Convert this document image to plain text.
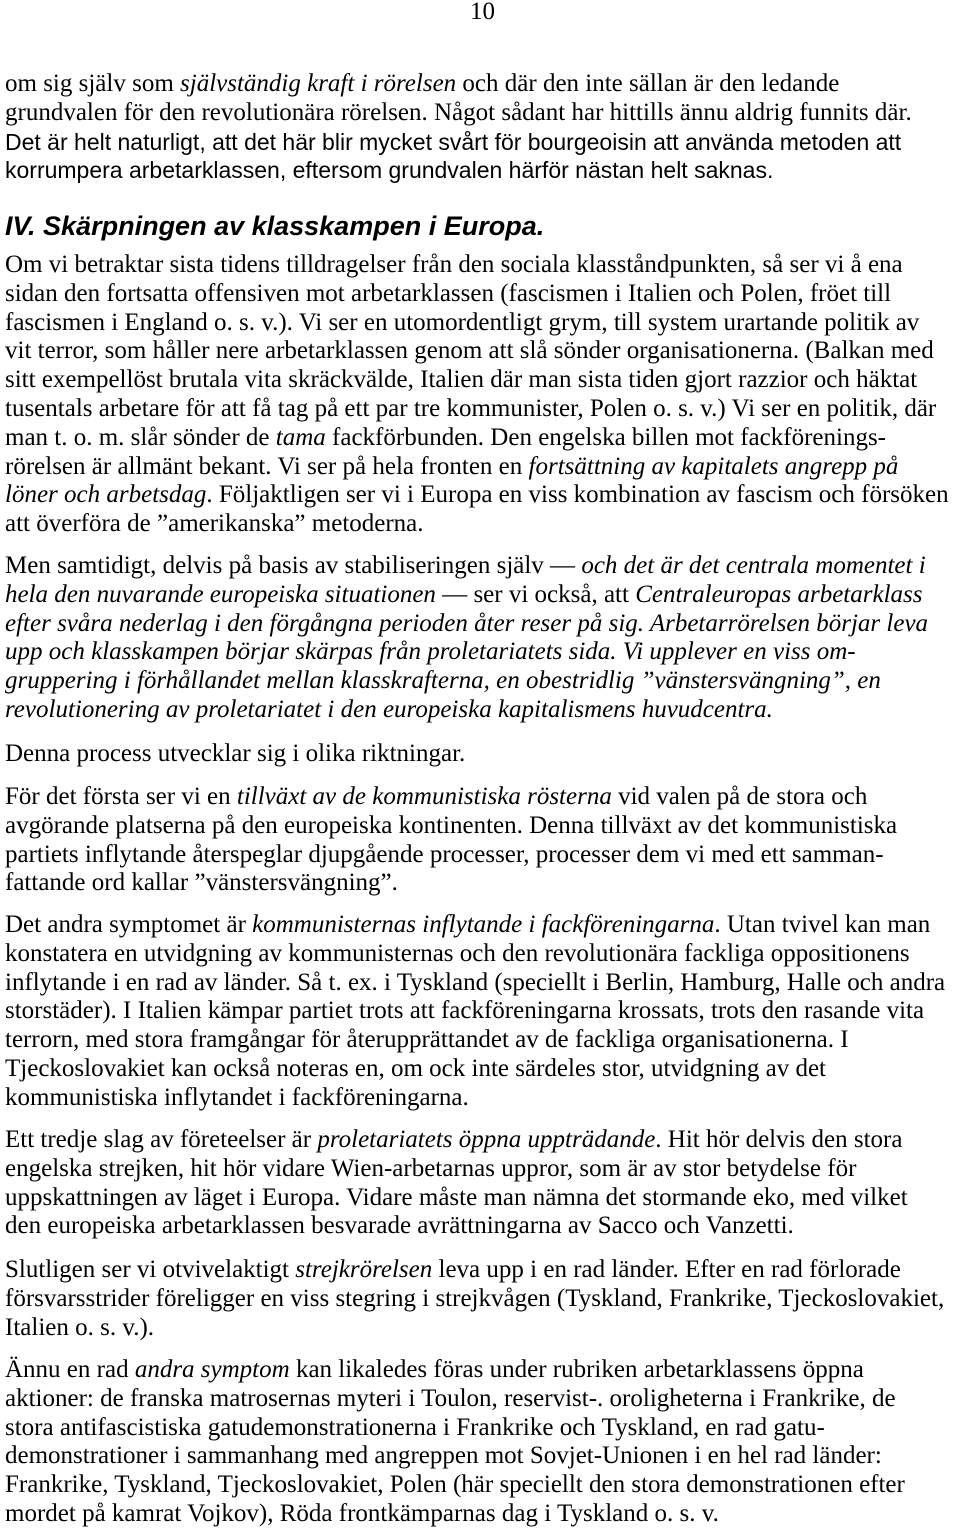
10
om sig själv som självständig kraft i rörelsen och där den inte sällan är den ledande
grundvalen för den revolutionära rörelsen. Något sådant har hittills ännu aldrig funnits där.
Det är helt naturligt, att det här blir mycket svårt för bourgeoisin att använda metoden att
korrumpera arbetarklassen, eftersom grundvalen härför nästan helt saknas.
IV. Skärpningen av klasskampen i Europa.
Om vi betraktar sista tidens tilldragelser från den sociala klasståndpunkten, så ser vi å ena
sidan den fortsatta offensiven mot arbetarklassen (fascismen i Italien och Polen, fröet till
fascismen i England o. s. v.). Vi ser en utomordentligt grym, till system urartande politik av
vit terror, som håller nere arbetarklassen genom att slå sönder organisationerna. (Balkan med
sitt exempellöst brutala vita skräckvälde, Italien där man sista tiden gjort razzior och häktat
tusentals arbetare för att få tag på ett par tre kommunister, Polen o. s. v.) Vi ser en politik, där
man t. o. m. slår sönder de tama fackförbunden. Den engelska billen mot fackförenings-
rörelsen är allmänt bekant. Vi ser på hela fronten en fortsättning av kapitalets angrepp på
löner och arbetsdag. Följaktligen ser vi i Europa en viss kombination av fascism och försöken
att överföra de ”amerikanska” metoderna.
Men samtidigt, delvis på basis av stabiliseringen själv — och det är det centrala momentet i
hela den nuvarande europeiska situationen — ser vi också, att Centraleuropas arbetarklass
efter svåra nederlag i den förgångna perioden åter reser på sig. Arbetarrörelsen börjar leva
upp och klasskampen börjar skärpas från proletariatets sida. Vi upplever en viss om-
gruppering i förhållandet mellan klasskrafterna, en obestridlig ”vänstersvängning”, en
revolutionering av proletariatet i den europeiska kapitalismens huvudcentra.
Denna process utvecklar sig i olika riktningar.
För det första ser vi en tillväxt av de kommunistiska rösterna vid valen på de stora och
avgörande platserna på den europeiska kontinenten. Denna tillväxt av det kommunistiska
partiets inflytande återspeglar djupgående processer, processer dem vi med ett samman-
fattande ord kallar ”vänstersvängning”.
Det andra symptomet är kommunisternas inflytande i fackföreningarna. Utan tvivel kan man
konstatera en utvidgning av kommunisternas och den revolutionära fackliga oppositionens
inflytande i en rad av länder. Så t. ex. i Tyskland (speciellt i Berlin, Hamburg, Halle och andra
storstäder). I Italien kämpar partiet trots att fackföreningarna krossats, trots den rasande vita
terrorn, med stora framgångar för återupprättandet av de fackliga organisationerna. I
Tjeckoslovakiet kan också noteras en, om ock inte särdeles stor, utvidgning av det
kommunistiska inflytandet i fackföreningarna.
Ett tredje slag av företeelser är proletariatets öppna uppträdande. Hit hör delvis den stora
engelska strejken, hit hör vidare Wien-arbetarnas uppror, som är av stor betydelse för
uppskattningen av läget i Europa. Vidare måste man nämna det stormande eko, med vilket
den europeiska arbetarklassen besvarade avrättningarna av Sacco och Vanzetti.
Slutligen ser vi otvivelaktigt strejkrörelsen leva upp i en rad länder. Efter en rad förlorade
försvarsstrider föreligger en viss stegring i strejkvågen (Tyskland, Frankrike, Tjeckoslovakiet,
Italien o. s. v.).
Ännu en rad andra symptom kan likaledes föras under rubriken arbetarklassens öppna
aktioner: de franska matrosernas myteri i Toulon, reservist-. oroligheterna i Frankrike, de
stora antifascistiska gatudemonstrationerna i Frankrike och Tyskland, en rad gatu-
demonstrationer i sammanhang med angreppen mot Sovjet-Unionen i en hel rad länder:
Frankrike, Tyskland, Tjeckoslovakiet, Polen (här speciellt den stora demonstrationen efter
mordet på kamrat Vojkov), Röda frontkämparnas dag i Tyskland o. s. v.
